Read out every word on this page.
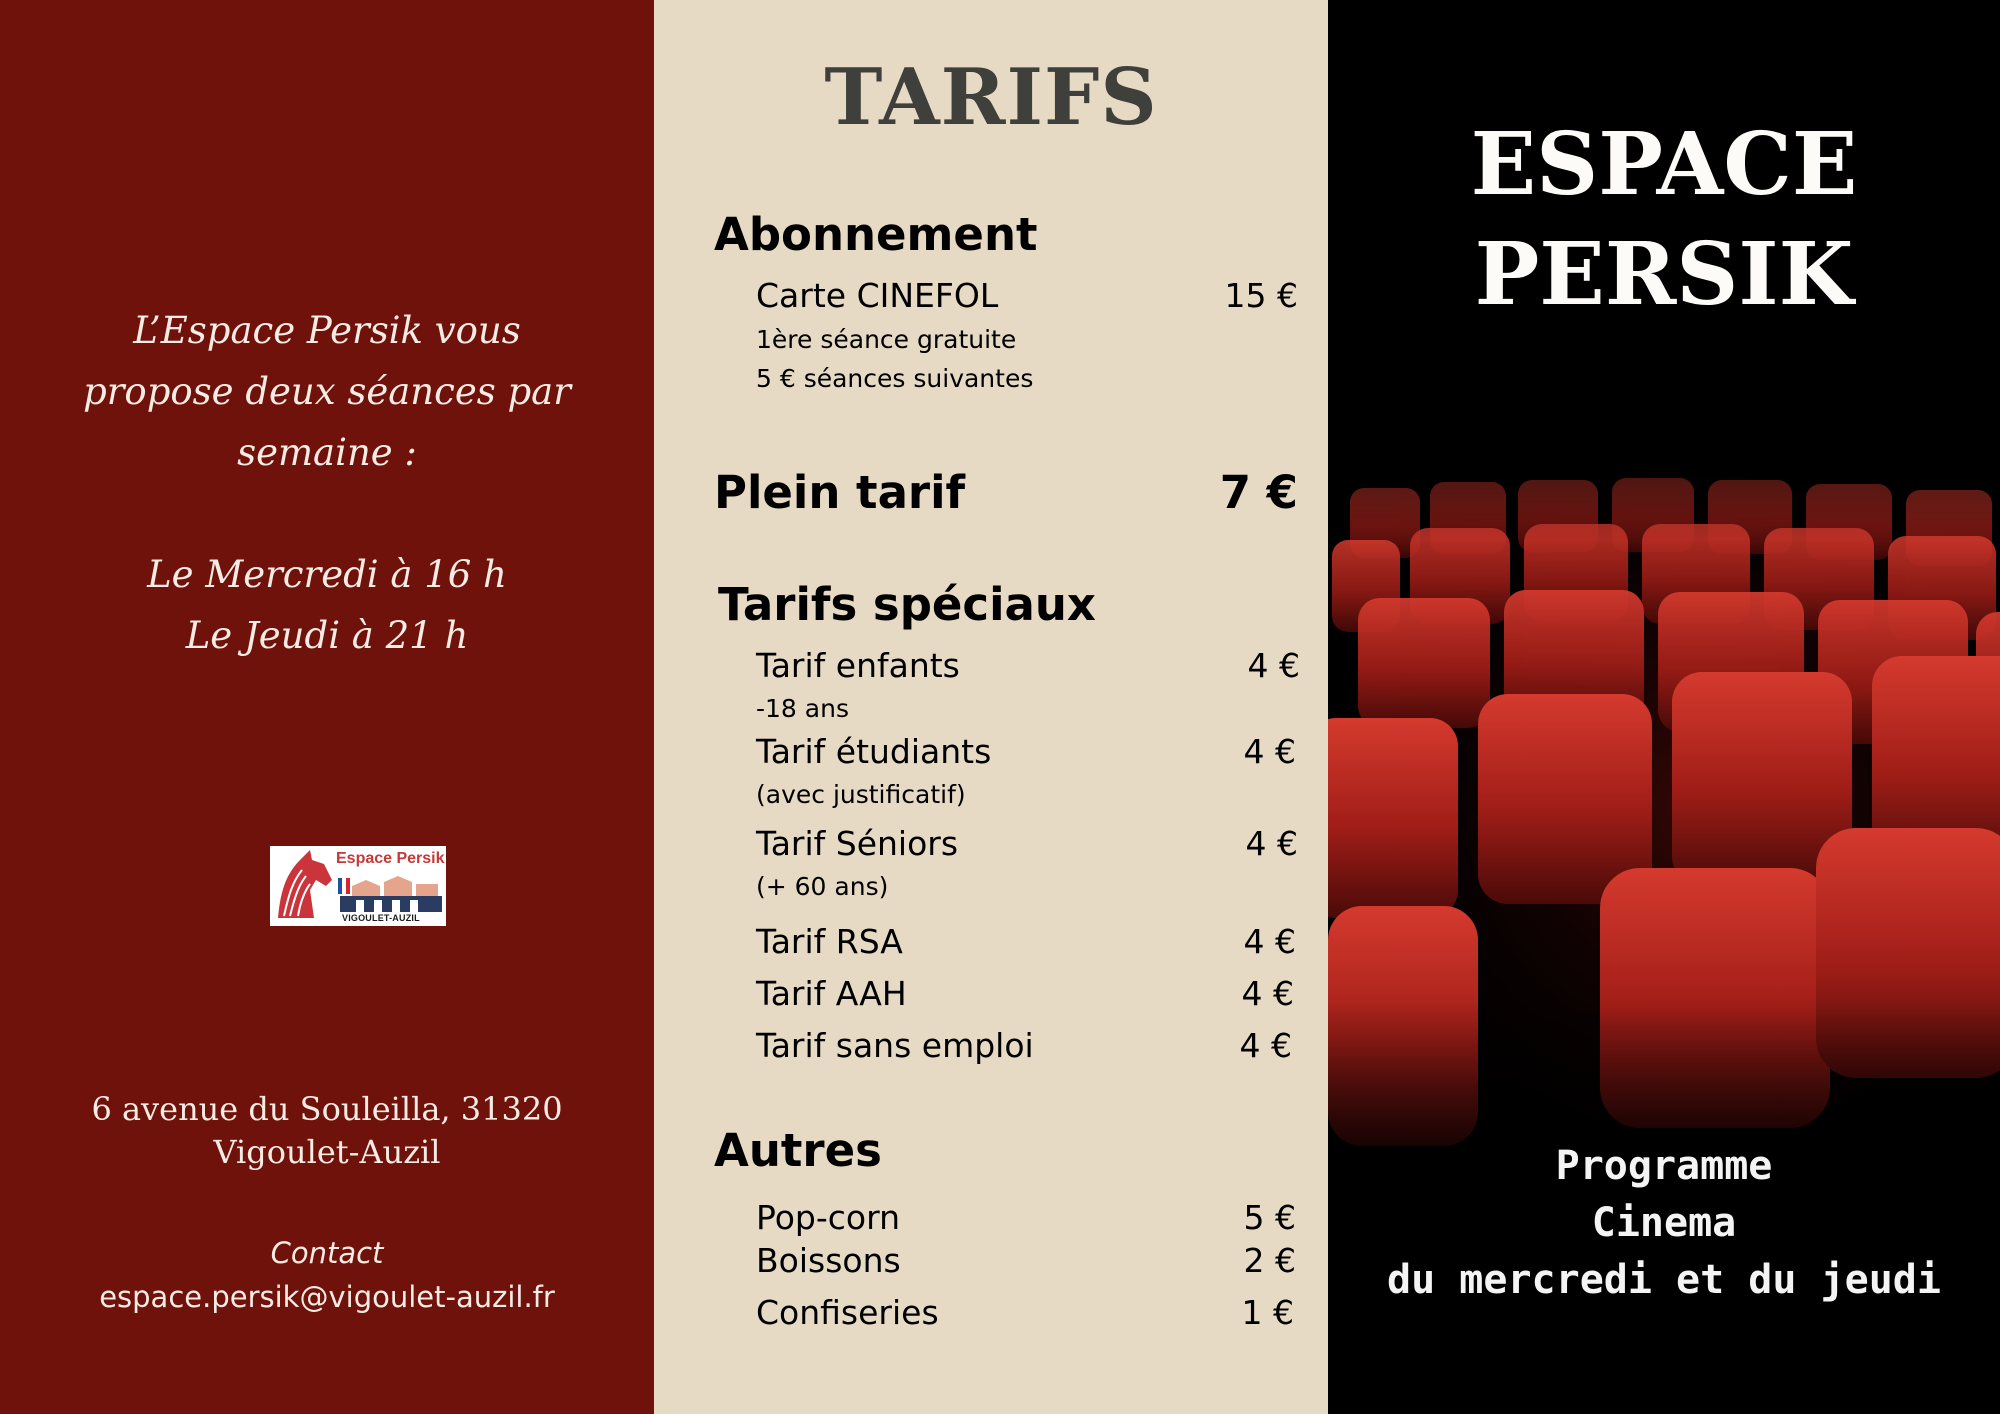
L’Espace Persik vous
propose deux séances par
semaine :
Le Mercredi à 16 h
Le Jeudi à 21 h
Espace Persik
VIGOULET-AUZIL
6 avenue du Souleilla, 31320
Vigoulet-Auzil
Contact
espace.persik@vigoulet-auzil.fr
TARIFS
Abonnement
Carte CINEFOL	15 €
1ère séance gratuite
5 € séances suivantes
Plein tarif	7 €
Tarifs spéciaux
Tarif enfants	4 €
-18 ans
Tarif étudiants	4 €
(avec justificatif)
Tarif Séniors	4 €
(+ 60 ans)
Tarif RSA	4 €
Tarif AAH	4 €
Tarif sans emploi	4 €
Autres
Pop-corn	5 €
Boissons	2 €
Confiseries	1 €
ESPACE
PERSIK
Programme
Cinema
du mercredi et du jeudi
